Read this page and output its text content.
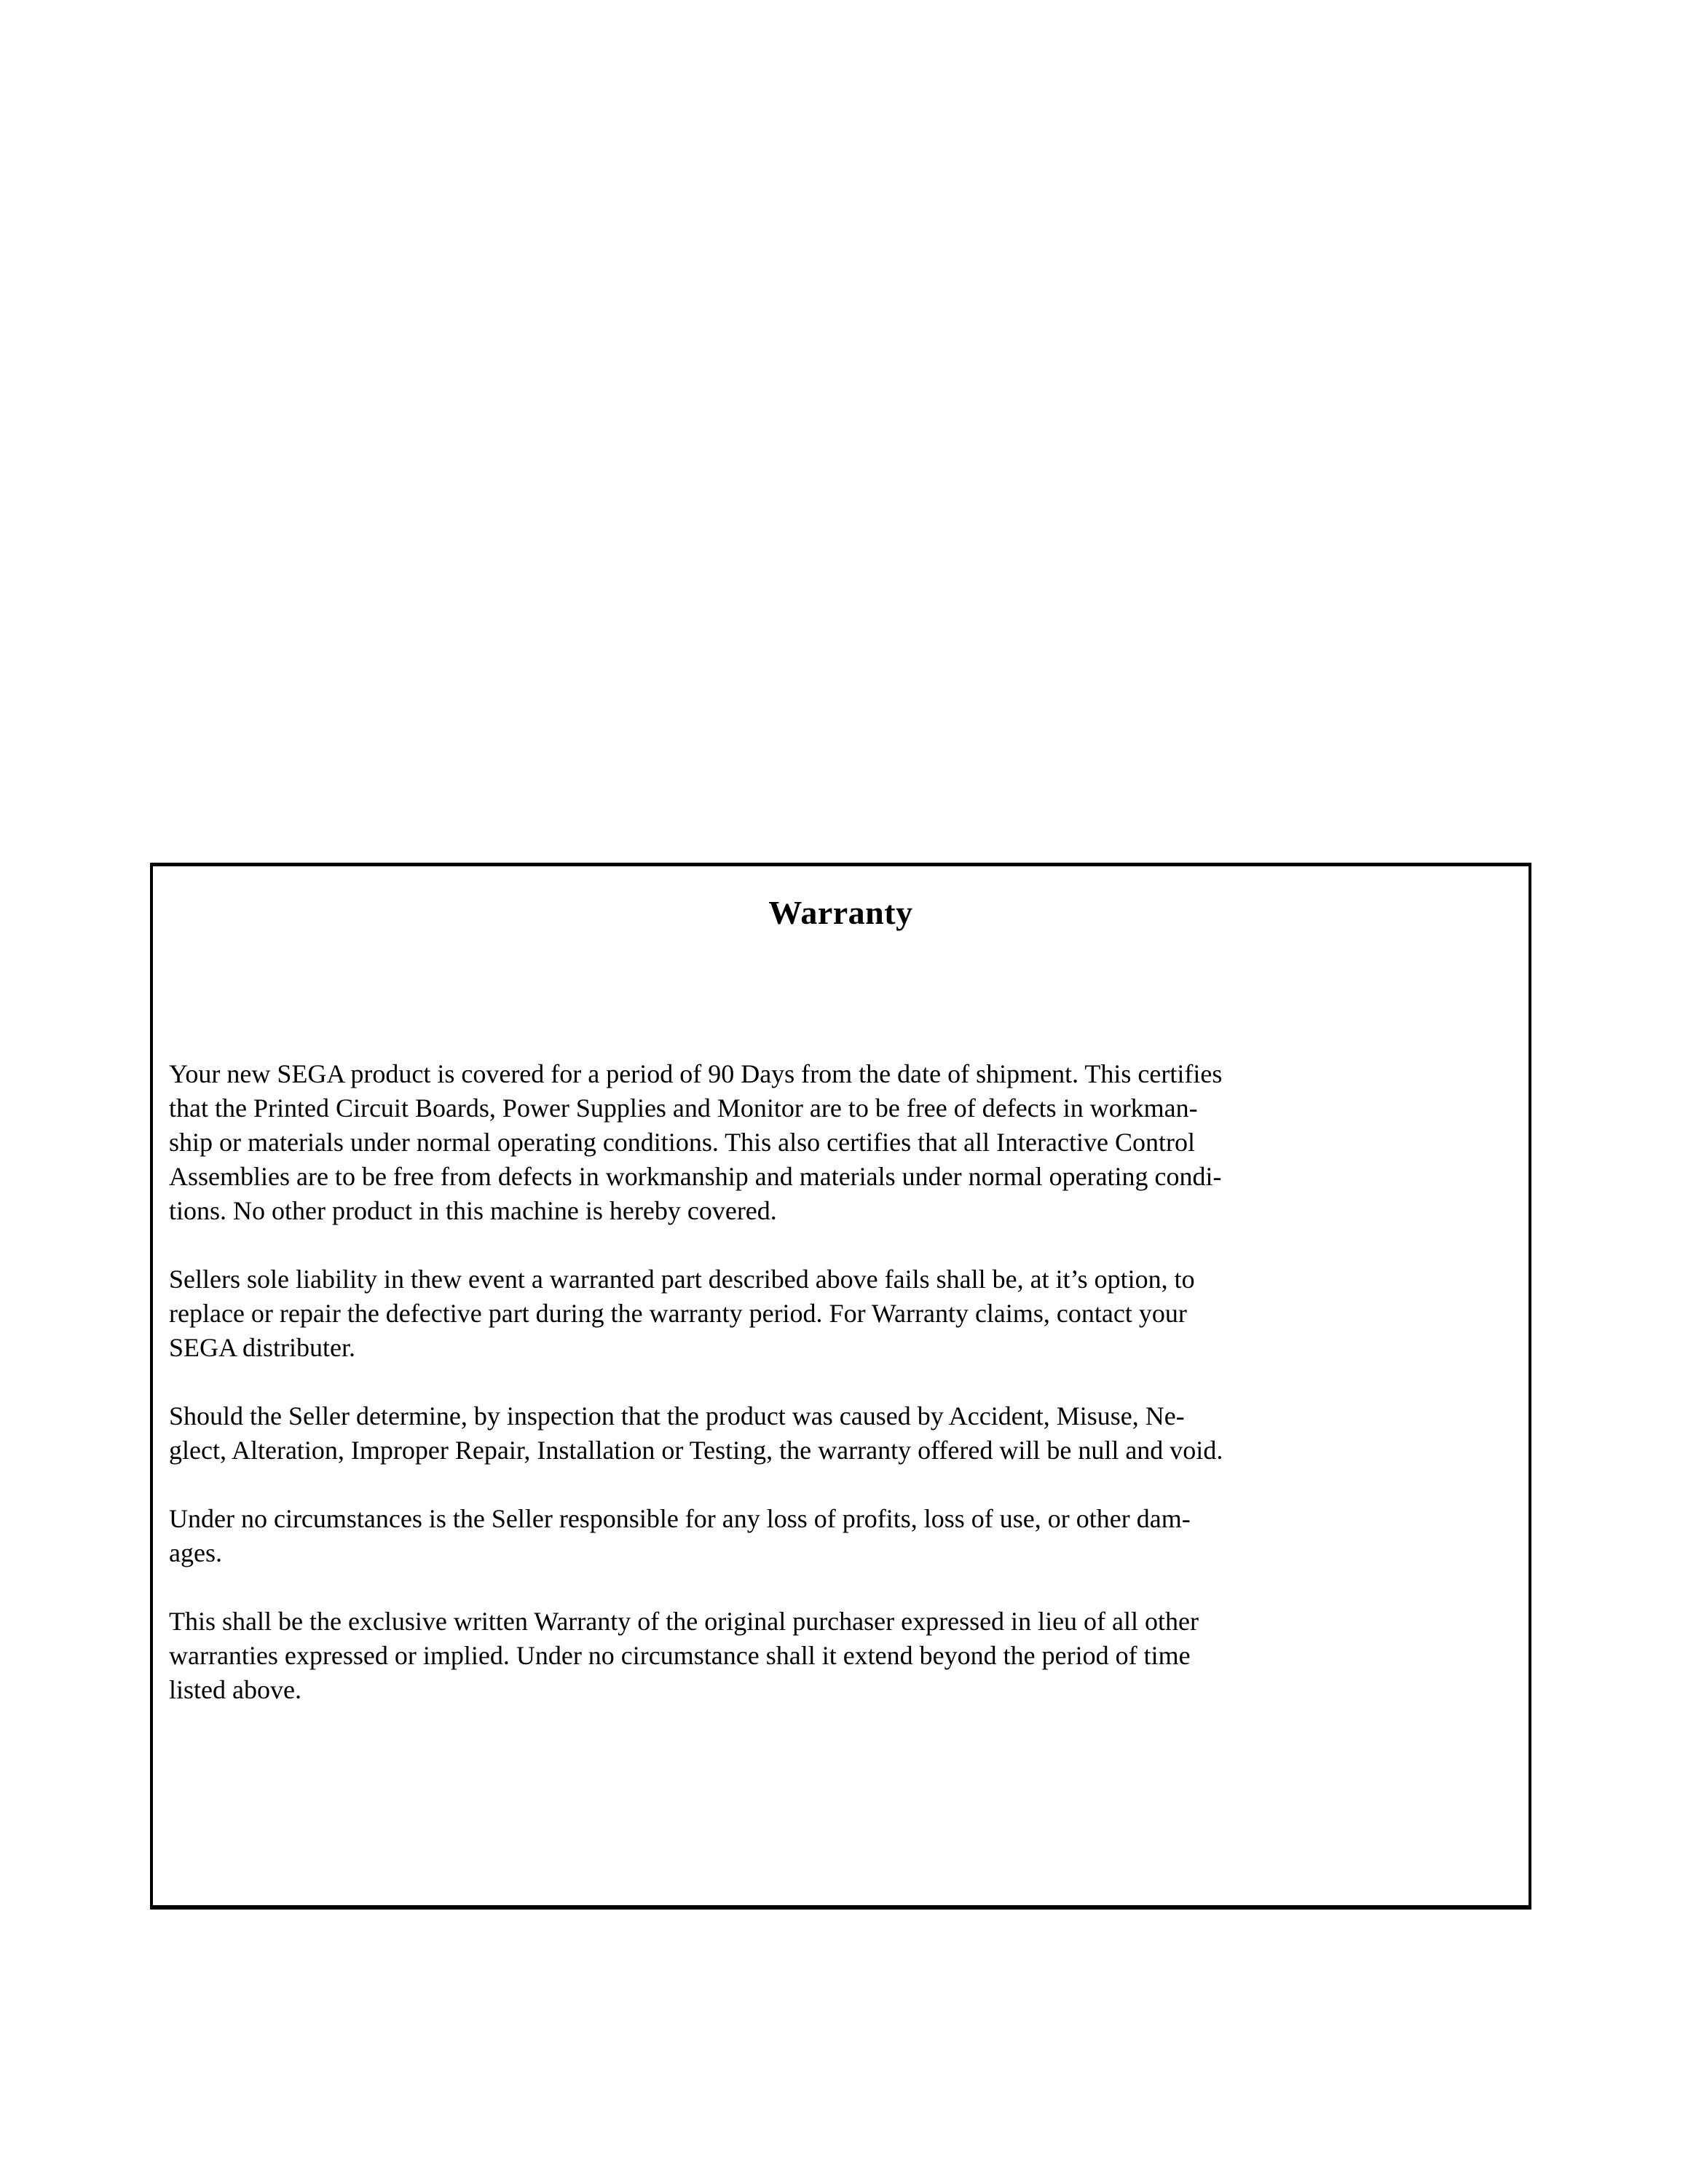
Warranty
Your new SEGA product is covered for a period of 90 Days from the date of shipment. This certifies
that the Printed Circuit Boards, Power Supplies and Monitor are to be free of defects in workman-
ship or materials under normal operating conditions. This also certifies that all Interactive Control
Assemblies are to be free from defects in workmanship and materials under normal operating condi-
tions. No other product in this machine is hereby covered.
Sellers sole liability in thew event a warranted part described above fails shall be, at it’s option, to
replace or repair the defective part during the warranty period. For Warranty claims, contact your
SEGA distributer.
Should the Seller determine, by inspection that the product was caused by Accident, Misuse, Ne-
glect, Alteration, Improper Repair, Installation or Testing, the warranty offered will be null and void.
Under no circumstances is the Seller responsible for any loss of profits, loss of use, or other dam-
ages.
This shall be the exclusive written Warranty of the original purchaser expressed in lieu of all other
warranties expressed or implied. Under no circumstance shall it extend beyond the period of time
listed above.
